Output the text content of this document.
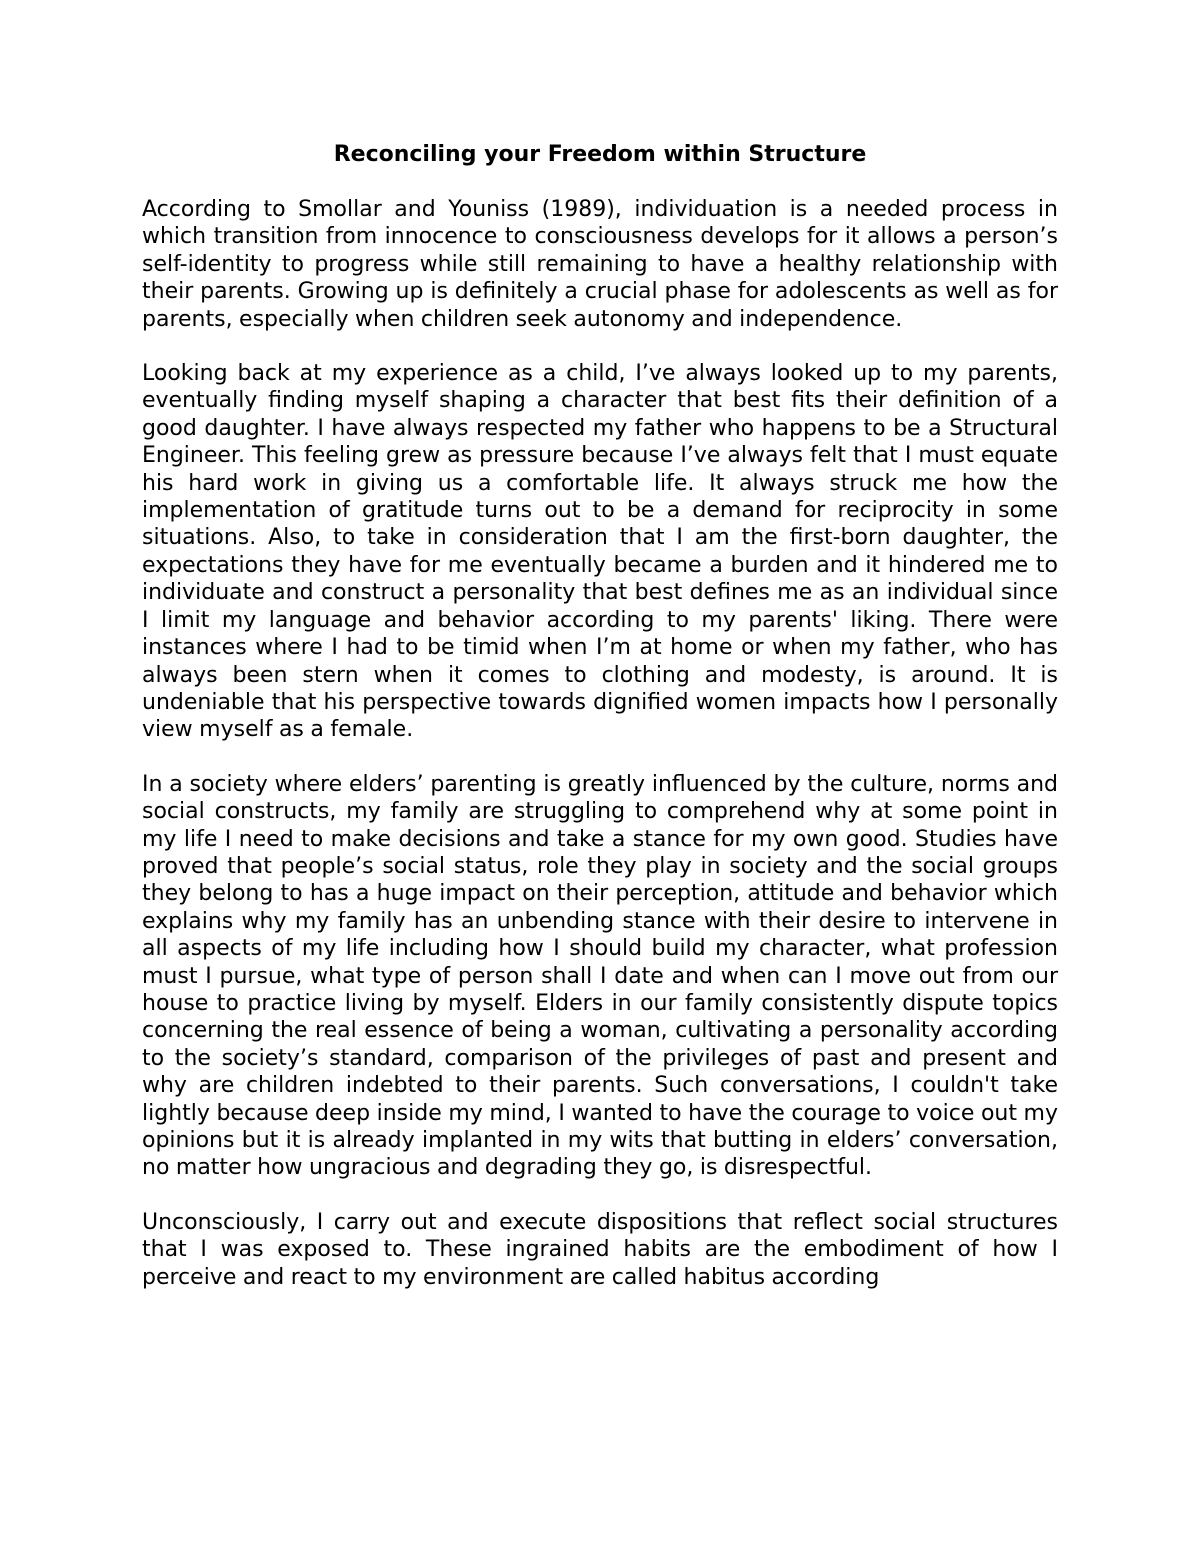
Reconciling your Freedom within Structure

According to Smollar and Youniss (1989), individuation is a needed process in which transition from innocence to consciousness develops for it allows a person’s self-identity to progress while still remaining to have a healthy relationship with their parents. Growing up is definitely a crucial phase for adolescents as well as for parents, especially when children seek autonomy and independence.

Looking back at my experience as a child, I’ve always looked up to my parents, eventually finding myself shaping a character that best fits their definition of a good daughter. I have always respected my father who happens to be a Structural Engineer. This feeling grew as pressure because I’ve always felt that I must equate his hard work in giving us a comfortable life. It always struck me how the implementation of gratitude turns out to be a demand for reciprocity in some situations. Also, to take in consideration that I am the first-born daughter, the expectations they have for me eventually became a burden and it hindered me to individuate and construct a personality that best defines me as an individual since I limit my language and behavior according to my parents' liking. There were instances where I had to be timid when I’m at home or when my father, who has always been stern when it comes to clothing and modesty, is around. It is undeniable that his perspective towards dignified women impacts how I personally view myself as a female.

In a society where elders’ parenting is greatly influenced by the culture, norms and social constructs, my family are struggling to comprehend why at some point in my life I need to make decisions and take a stance for my own good. Studies have proved that people’s social status, role they play in society and the social groups they belong to has a huge impact on their perception, attitude and behavior which explains why my family has an unbending stance with their desire to intervene in all aspects of my life including how I should build my character, what profession must I pursue, what type of person shall I date and when can I move out from our house to practice living by myself. Elders in our family consistently dispute topics concerning the real essence of being a woman, cultivating a personality according to the society’s standard, comparison of the privileges of past and present and why are children indebted to their parents. Such conversations, I couldn't take lightly because deep inside my mind, I wanted to have the courage to voice out my opinions but it is already implanted in my wits that butting in elders’ conversation, no matter how ungracious and degrading they go, is disrespectful.

Unconsciously, I carry out and execute dispositions that reflect social structures that I was exposed to. These ingrained habits are the embodiment of how I perceive and react to my environment are called habitus according
